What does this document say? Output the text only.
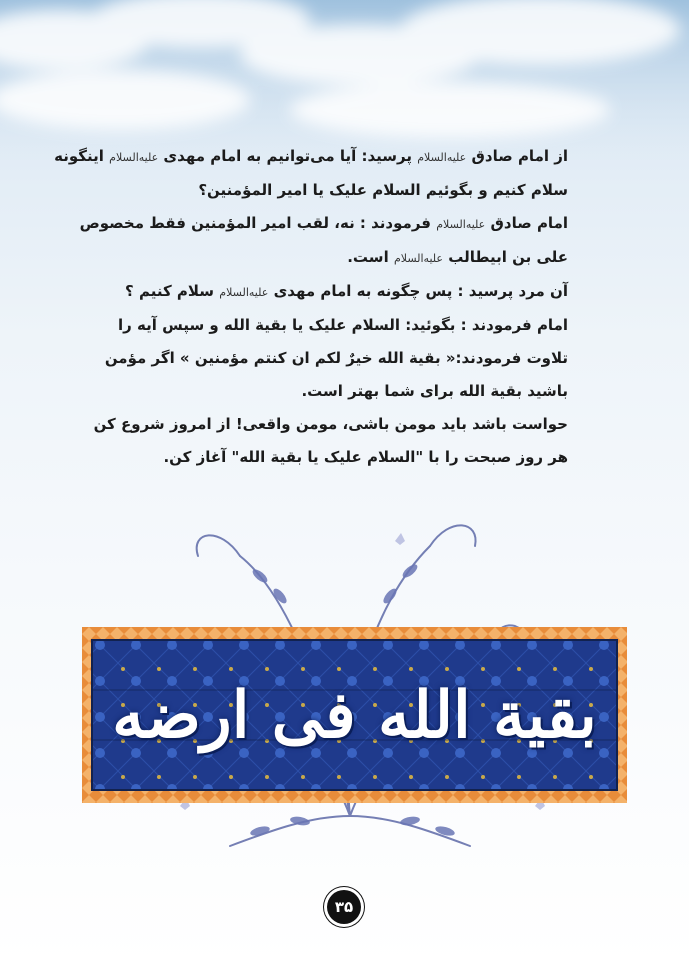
از امام صادق عليه‌السلام پرسید: آیا می‌توانیم به امام مهدی عليه‌السلام اینگونه

سلام کنیم و بگوئیم السلام علیک یا امیر المؤمنین؟

امام صادق عليه‌السلام فرمودند : نه، لقب امیر المؤمنین فقط مخصوص

علی بن ابیطالب عليه‌السلام است.

آن مرد پرسید : پس چگونه به امام مهدی عليه‌السلام سلام کنیم ؟

امام فرمودند : بگوئید: السلام علیک یا بقیة الله و سپس آیه را

تلاوت فرمودند:« بقیة الله خیرٌ لکم ان کنتم مؤمنین » اگر مؤمن

باشید بقیة الله برای شما بهتر است.

حواست باشد باید مومن باشی، مومن واقعی! از امروز شروع کن

هر روز صبحت را با "السلام علیک یا بقیة الله" آغاز کن.

بقیة الله فی ارضه
۳۵
